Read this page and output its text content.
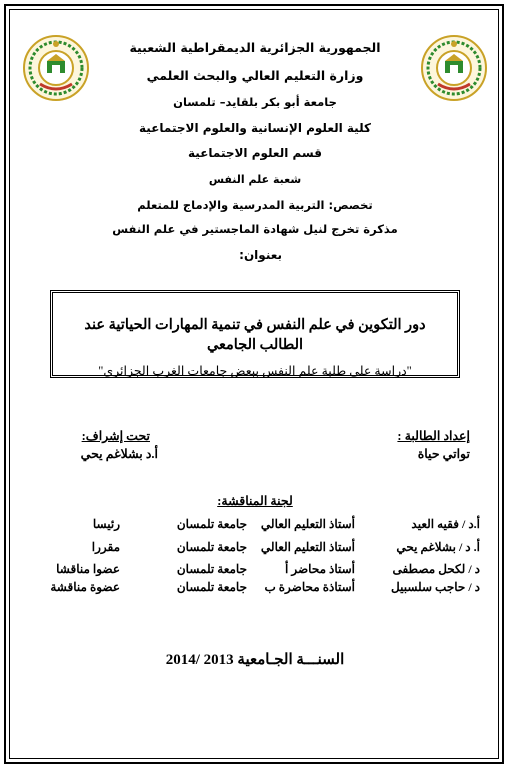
الجمهورية الجزائرية الديمقراطية الشعبية
وزارة التعليم العالي والبحث العلمي
جامعة أبو بكر بلقايد– تلمسان
كلية العلوم الإنسانية والعلوم الاجتماعية
قسم العلوم الاجتماعية
شعبة علم النفس
تخصص: التربية المدرسية والإدماج للمتعلم
مذكرة تخرج لنيل شهادة الماجستير في علم النفس
بعنوان:
دور التكوين في علم النفس في تنمية المهارات الحياتية عند الطالب الجامعي
"دراسة على طلبة علم النفس ببعض جامعات الغرب الجزائري"
إعداد الطالبة :
تواتي حياة
تحت إشراف:
أ.د بشلاغم يحي
لجنة المناقشة:
أ.د / فقيه العيد
أستاذ التعليم العالي
جامعة تلمسان
رئيسا
أ. د / بشلاغم يحي
أستاذ التعليم العالي
جامعة تلمسان
مقررا
د / لكحل مصطفى
أستاذ محاضر أ
جامعة تلمسان
عضوا مناقشا
د / حاجب سلسبيل
أستاذة محاضرة ب
جامعة تلمسان
عضوة مناقشة
السنـــة الجـامعية 2013 /2014
